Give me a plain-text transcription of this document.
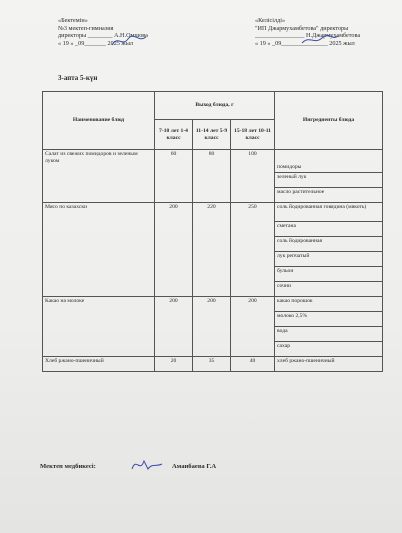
«Бектемін»
№3 мектеп-гимназия
директоры ________ А.Н.Омшова
« 19 » _09_______ 2025 жыл
«Келісілді»
"ИП Джармухамбетова" директоры
________________ Н.Джармухамбетова
« 19 » _09_______________ 2025 жыл
3-апта 5-күн
Наименование блюд	Выход блюда, г			Ингредиенты блюда
	7-10 лет 1-4 класс	11-14 лет 5-9 класс	15-18 лет 10-11 класс	
Салат из свежих помидоров и зеленым луком	60	80	100	помидоры
				зеленый лук
				масло растительное
Мясо по казахски	200	220	250	соль йодированная говядина (мякоть)
				сметана
				соль йодированная
				лук репчатый
				бульон
				сочни
Какао на молоке	200	200	200	какао порошок
				молоко 2,5%
				вода
				сахар
Хлеб ржано-пшеничный	20	35	40	хлеб ржано-пшеничный
Мектеп медбикесі:	Аманбаева Г.А
